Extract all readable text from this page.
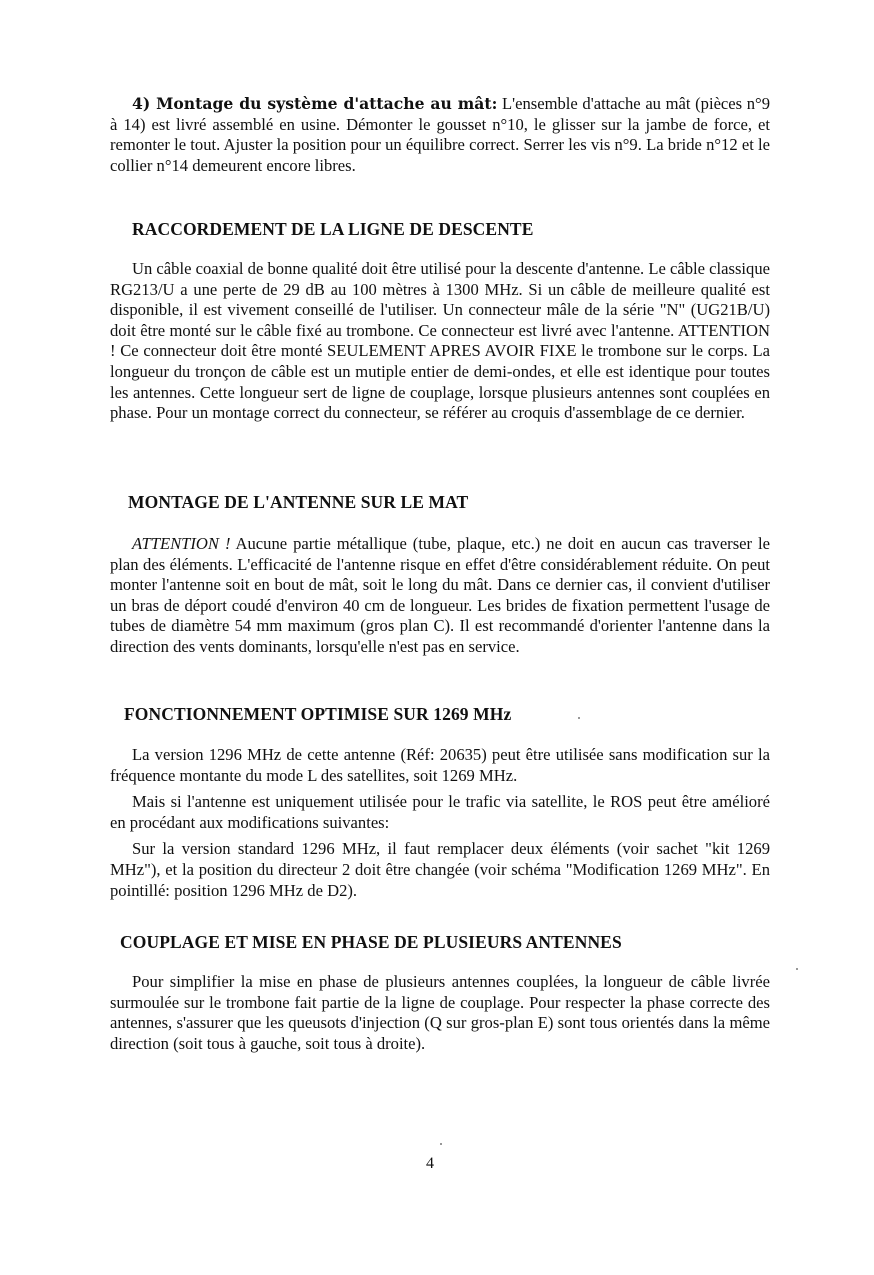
4) Montage du système d'attache au mât: L'ensemble d'attache au mât (pièces n°9 à 14) est livré assemblé en usine. Démonter le gousset n°10, le glisser sur la jambe de force, et remonter le tout. Ajuster la position pour un équilibre correct. Serrer les vis n°9. La bride n°12 et le collier n°14 demeurent encore libres.

RACCORDEMENT DE LA LIGNE DE DESCENTE

Un câble coaxial de bonne qualité doit être utilisé pour la descente d'antenne. Le câble classique RG213/U a une perte de 29 dB au 100 mètres à 1300 MHz. Si un câble de meilleure qualité est disponible, il est vivement conseillé de l'utiliser. Un connecteur mâle de la série "N" (UG21B/U) doit être monté sur le câble fixé au trombone. Ce connecteur est livré avec l'antenne. ATTENTION ! Ce connecteur doit être monté SEULEMENT APRES AVOIR FIXE le trombone sur le corps. La longueur du tronçon de câble est un mutiple entier de demi-ondes, et elle est identique pour toutes les antennes. Cette longueur sert de ligne de couplage, lorsque plusieurs antennes sont couplées en phase. Pour un montage correct du connecteur, se référer au croquis d'assemblage de ce dernier.

MONTAGE DE L'ANTENNE SUR LE MAT

ATTENTION ! Aucune partie métallique (tube, plaque, etc.) ne doit en aucun cas traverser le plan des éléments. L'efficacité de l'antenne risque en effet d'être considérablement réduite. On peut monter l'antenne soit en bout de mât, soit le long du mât. Dans ce dernier cas, il convient d'utiliser un bras de déport coudé d'environ 40 cm de longueur. Les brides de fixation permettent l'usage de tubes de diamètre 54 mm maximum (gros plan C). Il est recommandé d'orienter l'antenne dans la direction des vents dominants, lorsqu'elle n'est pas en service.

FONCTIONNEMENT OPTIMISE SUR 1269 MHz

La version 1296 MHz de cette antenne (Réf: 20635) peut être utilisée sans modification sur la fréquence montante du mode L des satellites, soit 1269 MHz.

Mais si l'antenne est uniquement utilisée pour le trafic via satellite, le ROS peut être amélioré en procédant aux modifications suivantes:

Sur la version standard 1296 MHz, il faut remplacer deux éléments (voir sachet "kit 1269 MHz"), et la position du directeur 2 doit être changée (voir schéma "Modification 1269 MHz". En pointillé: position 1296 MHz de D2).

COUPLAGE ET MISE EN PHASE DE PLUSIEURS ANTENNES

Pour simplifier la mise en phase de plusieurs antennes couplées, la longueur de câble livrée surmoulée sur le trombone fait partie de la ligne de couplage. Pour respecter la phase correcte des antennes, s'assurer que les queusots d'injection (Q sur gros-plan E) sont tous orientés dans la même direction (soit tous à gauche, soit tous à droite).

4
